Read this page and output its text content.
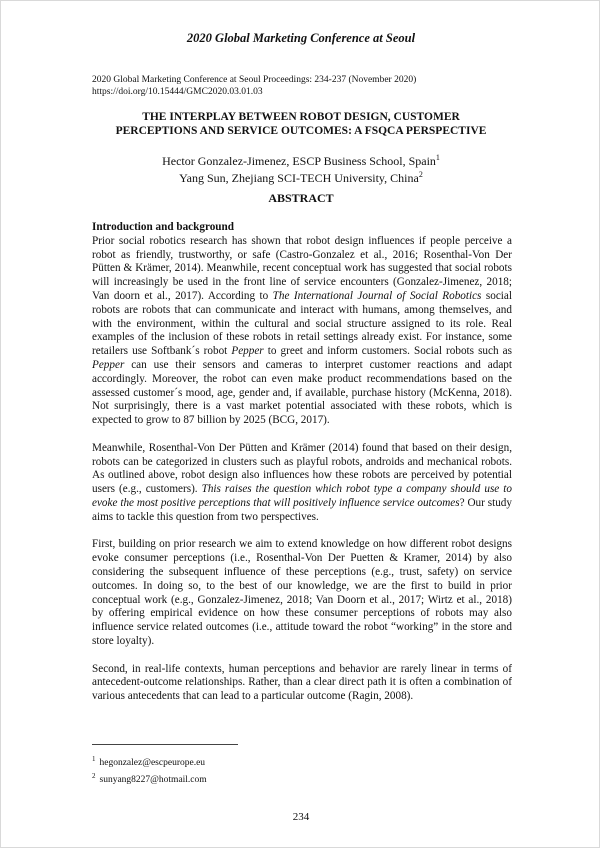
2020 Global Marketing Conference at Seoul
2020 Global Marketing Conference at Seoul Proceedings: 234-237 (November 2020)
https://doi.org/10.15444/GMC2020.03.01.03
THE INTERPLAY BETWEEN ROBOT DESIGN, CUSTOMER
PERCEPTIONS AND SERVICE OUTCOMES: A FSQCA PERSPECTIVE
Hector Gonzalez-Jimenez, ESCP Business School, Spain$^1$
Yang Sun, Zhejiang SCI-TECH University, China$^2$
ABSTRACT
Introduction and background

Prior social robotics research has shown that robot design influences if people perceive a robot as friendly, trustworthy, or safe (Castro-Gonzalez et al., 2016; Rosenthal-Von Der Pütten & Krämer, 2014). Meanwhile, recent conceptual work has suggested that social robots will increasingly be used in the front line of service encounters (Gonzalez-Jimenez, 2018; Van doorn et al., 2017). According to The International Journal of Social Robotics social robots are robots that can communicate and interact with humans, among themselves, and with the environment, within the cultural and social structure assigned to its role. Real examples of the inclusion of these robots in retail settings already exist. For instance, some retailers use Softbank´s robot Pepper to greet and inform customers. Social robots such as Pepper can use their sensors and cameras to interpret customer reactions and adapt accordingly. Moreover, the robot can even make product recommendations based on the assessed customer´s mood, age, gender and, if available, purchase history (McKenna, 2018). Not surprisingly, there is a vast market potential associated with these robots, which is expected to grow to 87 billion by 2025 (BCG, 2017).

Meanwhile, Rosenthal-Von Der Pütten and Krämer (2014) found that based on their design, robots can be categorized in clusters such as playful robots, androids and mechanical robots. As outlined above, robot design also influences how these robots are perceived by potential users (e.g., customers). This raises the question which robot type a company should use to evoke the most positive perceptions that will positively influence service outcomes? Our study aims to tackle this question from two perspectives.

First, building on prior research we aim to extend knowledge on how different robot designs evoke consumer perceptions (i.e., Rosenthal-Von Der Puetten & Kramer, 2014) by also considering the subsequent influence of these perceptions (e.g., trust, safety) on service outcomes. In doing so, to the best of our knowledge, we are the first to build in prior conceptual work (e.g., Gonzalez-Jimenez, 2018; Van Doorn et al., 2017; Wirtz et al., 2018) by offering empirical evidence on how these consumer perceptions of robots may also influence service related outcomes (i.e., attitude toward the robot “working” in the store and store loyalty).

Second, in real-life contexts, human perceptions and behavior are rarely linear in terms of antecedent-outcome relationships. Rather, than a clear direct path it is often a combination of various antecedents that can lead to a particular outcome (Ragin, 2008).

$^1$ hegonzalez@escpeurope.eu
$^2$ sunyang8227@hotmail.com
234
